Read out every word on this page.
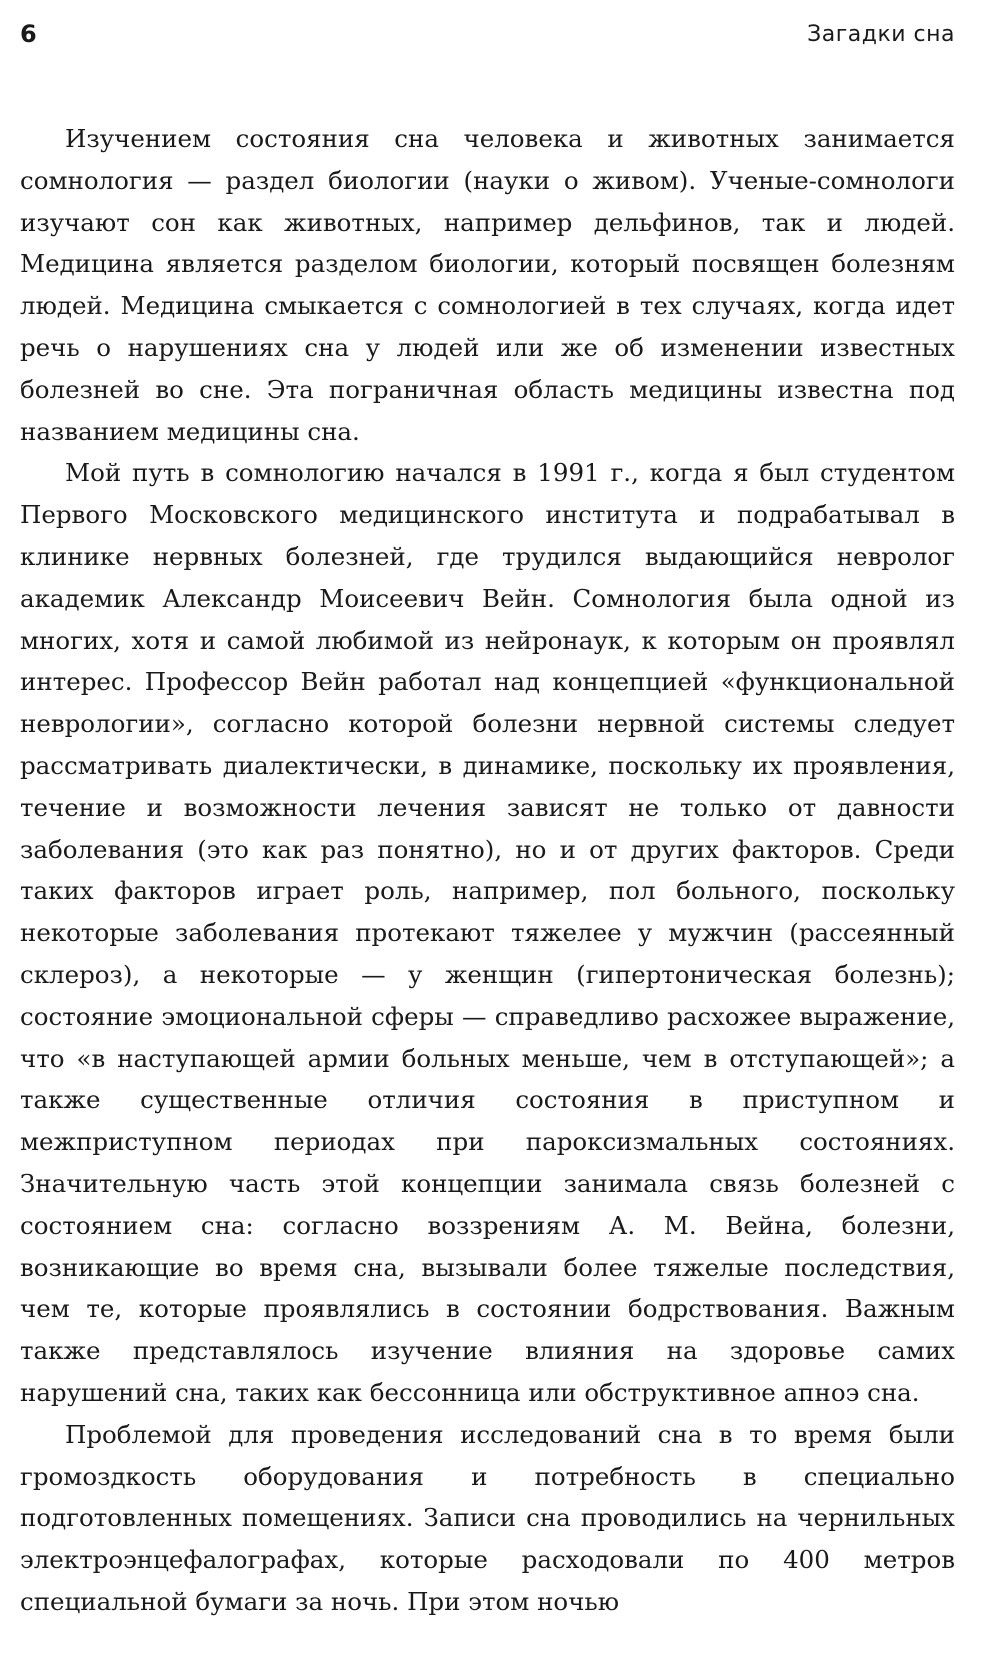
6	Загадки сна

Изучением состояния сна человека и животных занимается сомнология — раздел биологии (науки о живом). Ученые-сомнологи изучают сон как животных, например дельфинов, так и людей. Медицина является разделом биологии, который посвящен болезням людей. Медицина смыкается с сомнологией в тех случаях, когда идет речь о нарушениях сна у людей или же об изменении известных болезней во сне. Эта пограничная область медицины известна под названием медицины сна.

Мой путь в сомнологию начался в 1991 г., когда я был студентом Первого Московского медицинского института и подрабатывал в клинике нервных болезней, где трудился выдающийся невролог академик Александр Моисеевич Вейн. Сомнология была одной из многих, хотя и самой любимой из нейронаук, к которым он проявлял интерес. Профессор Вейн работал над концепцией «функциональной неврологии», согласно которой болезни нервной системы следует рассматривать диалектически, в динамике, поскольку их проявления, течение и возможности лечения зависят не только от давности заболевания (это как раз понятно), но и от других факторов. Среди таких факторов играет роль, например, пол больного, поскольку некоторые заболевания протекают тяжелее у мужчин (рассеянный склероз), а некоторые — у женщин (гипертоническая болезнь); состояние эмоциональной сферы — справедливо расхожее выражение, что «в наступающей армии больных меньше, чем в отступающей»; а также существенные отличия состояния в приступном и межприступном периодах при пароксизмальных состояниях. Значительную часть этой концепции занимала связь болезней с состоянием сна: согласно воззрениям А. М. Вейна, болезни, возникающие во время сна, вызывали более тяжелые последствия, чем те, которые проявлялись в состоянии бодрствования. Важным также представлялось изучение влияния на здоровье самих нарушений сна, таких как бессонница или обструктивное апноэ сна.

Проблемой для проведения исследований сна в то время были громоздкость оборудования и потребность в специально подготовленных помещениях. Записи сна проводились на чернильных электроэнцефалографах, которые расходовали по 400 метров специальной бумаги за ночь. При этом ночью
